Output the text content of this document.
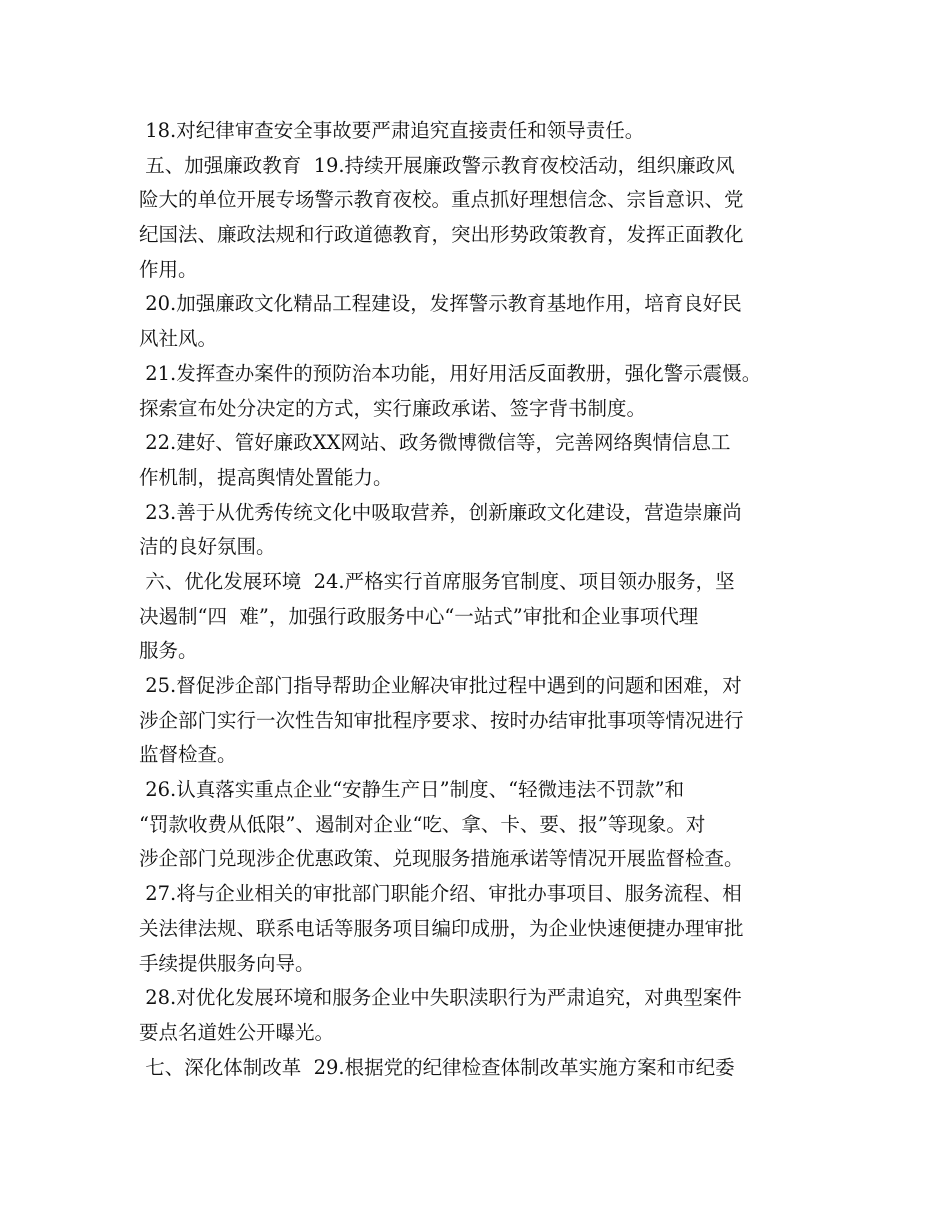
18.对纪律审查安全事故要严肃追究直接责任和领导责任。
五、加强廉政教育  19.持续开展廉政警示教育夜校活动，组织廉政风
险大的单位开展专场警示教育夜校。重点抓好理想信念、宗旨意识、党
纪国法、廉政法规和行政道德教育，突出形势政策教育，发挥正面教化
作用。
20.加强廉政文化精品工程建设，发挥警示教育基地作用，培育良好民
风社风。
21.发挥查办案件的预防治本功能，用好用活反面教册，强化警示震慑。
探索宣布处分决定的方式，实行廉政承诺、签字背书制度。
22.建好、管好廉政XX网站、政务微博微信等，完善网络舆情信息工
作机制，提高舆情处置能力。
23.善于从优秀传统文化中吸取营养，创新廉政文化建设，营造崇廉尚
洁的良好氛围。
六、优化发展环境  24.严格实行首席服务官制度、项目领办服务，坚
决遏制“四  难”，加强行政服务中心“一站式”审批和企业事项代理
服务。
25.督促涉企部门指导帮助企业解决审批过程中遇到的问题和困难，对
涉企部门实行一次性告知审批程序要求、按时办结审批事项等情况进行
监督检查。
26.认真落实重点企业“安静生产日”制度、“轻微违法不罚款”和
“罚款收费从低限”、遏制对企业“吃、拿、卡、要、报”等现象。对
涉企部门兑现涉企优惠政策、兑现服务措施承诺等情况开展监督检查。
27.将与企业相关的审批部门职能介绍、审批办事项目、服务流程、相
关法律法规、联系电话等服务项目编印成册，为企业快速便捷办理审批
手续提供服务向导。
28.对优化发展环境和服务企业中失职渎职行为严肃追究，对典型案件
要点名道姓公开曝光。
七、深化体制改革  29.根据党的纪律检查体制改革实施方案和市纪委
